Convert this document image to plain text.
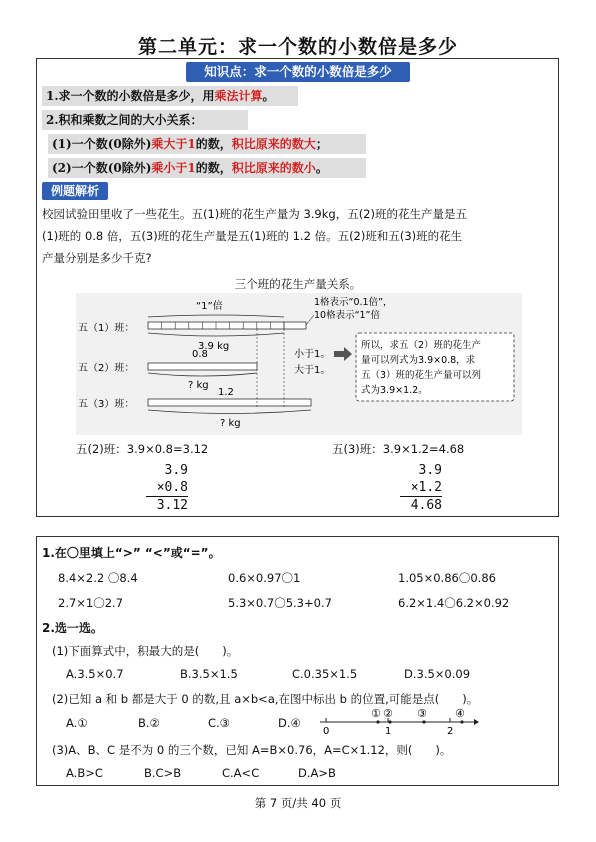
第二单元：求一个数的小数倍是多少
知识点：求一个数的小数倍是多少
1.求一个数的小数倍是多少，用乘法计算。
2.积和乘数之间的大小关系：
(1)一个数(0除外)乘大于1的数，积比原来的数大；
(2)一个数(0除外)乘小于1的数，积比原来的数小。
例题解析
校园试验田里收了一些花生。五(1)班的花生产量为 3.9kg，五(2)班的花生产量是五
(1)班的 0.8 倍，五(3)班的花生产量是五(1)班的 1.2 倍。五(2)班和五(3)班的花生
产量分别是多少千克?
三个班的花生产量关系。
五（1）班：
五（2）班：
五（3）班：
“1”倍
3.9 kg
0.8
? kg
1.2
? kg
1格表示“0.1倍”，
10格表示“1”倍
小于1。
大于1。
所以，求五（2）班的花生产
量可以列式为3.9×0.8，求
五（3）班的花生产量可以列
式为3.9×1.2。
五(2)班：3.9×0.8=3.12	五(3)班：3.9×1.2=4.68
3.9
×0.8
3.12
3.9
×1.2
4.68
1.在〇里填上“>” “<”或“=”。
8.4×2.2 〇8.4	0.6×0.97〇1	1.05×0.86〇0.86
2.7×1〇2.7	5.3×0.7〇5.3+0.7	6.2×1.4〇6.2×0.92
2.选一选。
(1)下面算式中，积最大的是(　　)。
A.3.5×0.7	B.3.5×1.5	C.0.35×1.5	D.3.5×0.09
(2)已知 a 和 b 都是大于 0 的数,且 a×b<a,在图中标出 b 的位置,可能是点(　　)。
A.①	B.②	C.③	D.④
0	1	2
① ② ③	④
(3)A、B、C 是不为 0 的三个数，已知 A=B×0.76，A=C×1.12，则(　　)。
A.B>C	B.C>B	C.A<C	D.A>B
第 7 页/共 40 页
